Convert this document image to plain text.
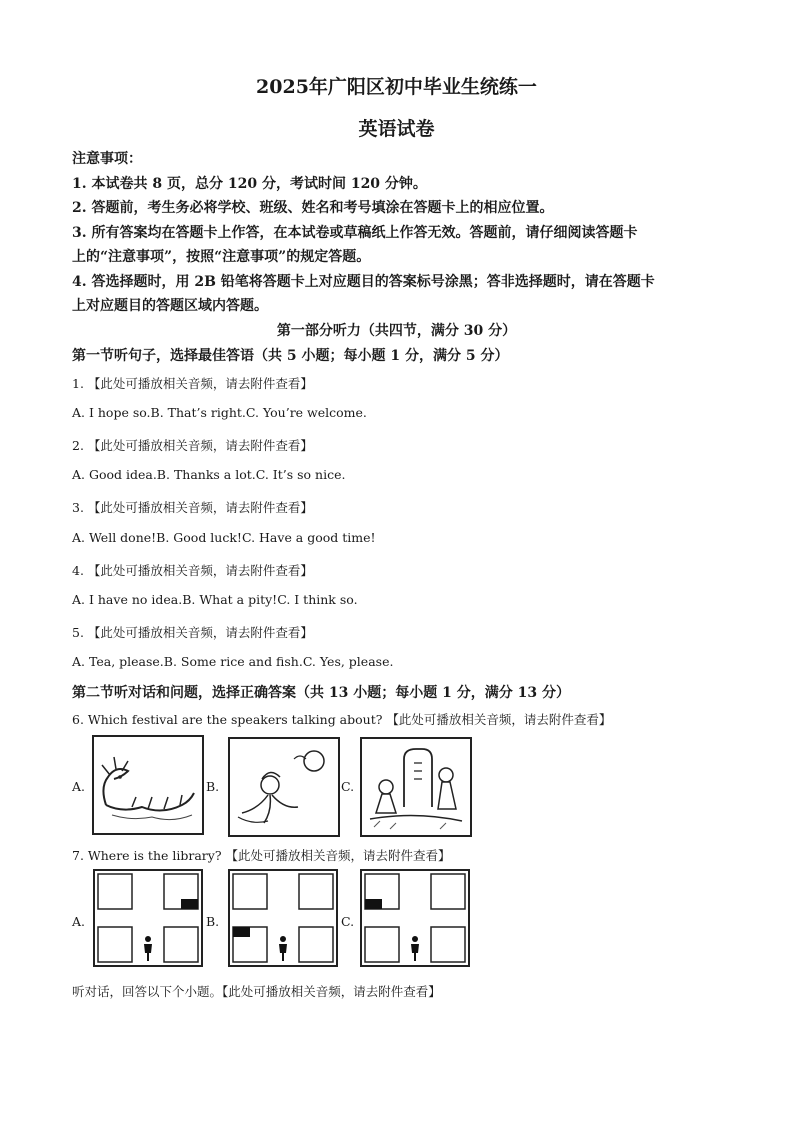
2025年广阳区初中毕业生统练一
英语试卷
注意事项：
1. 本试卷共 8 页，总分 120 分，考试时间 120 分钟。
2. 答题前，考生务必将学校、班级、姓名和考号填涂在答题卡上的相应位置。
3. 所有答案均在答题卡上作答，在本试卷或草稿纸上作答无效。答题前，请仔细阅读答题卡
上的“注意事项”，按照“注意事项”的规定答题。
4. 答选择题时，用 2B 铅笔将答题卡上对应题目的答案标号涂黑；答非选择题时，请在答题卡
上对应题目的答题区域内答题。
第一部分听力（共四节，满分 30 分）
第一节听句子，选择最佳答语（共 5 小题；每小题 1 分，满分 5 分）
1. 【此处可播放相关音频，请去附件查看】
A. I hope so.B. That’s right.C. You’re welcome.
2. 【此处可播放相关音频，请去附件查看】
A. Good idea.B. Thanks a lot.C. It’s so nice.
3. 【此处可播放相关音频，请去附件查看】
A. Well done!B. Good luck!C. Have a good time!
4. 【此处可播放相关音频，请去附件查看】
A. I have no idea.B. What a pity!C. I think so.
5. 【此处可播放相关音频，请去附件查看】
A. Tea, please.B. Some rice and fish.C. Yes, please.
第二节听对话和问题，选择正确答案（共 13 小题；每小题 1 分，满分 13 分）
6. Which festival are the speakers talking about? 【此处可播放相关音频，请去附件查看】
A.	B.	C.
7. Where is the library? 【此处可播放相关音频，请去附件查看】
A.	B.	C.
听对话，回答以下个小题。【此处可播放相关音频，请去附件查看】
